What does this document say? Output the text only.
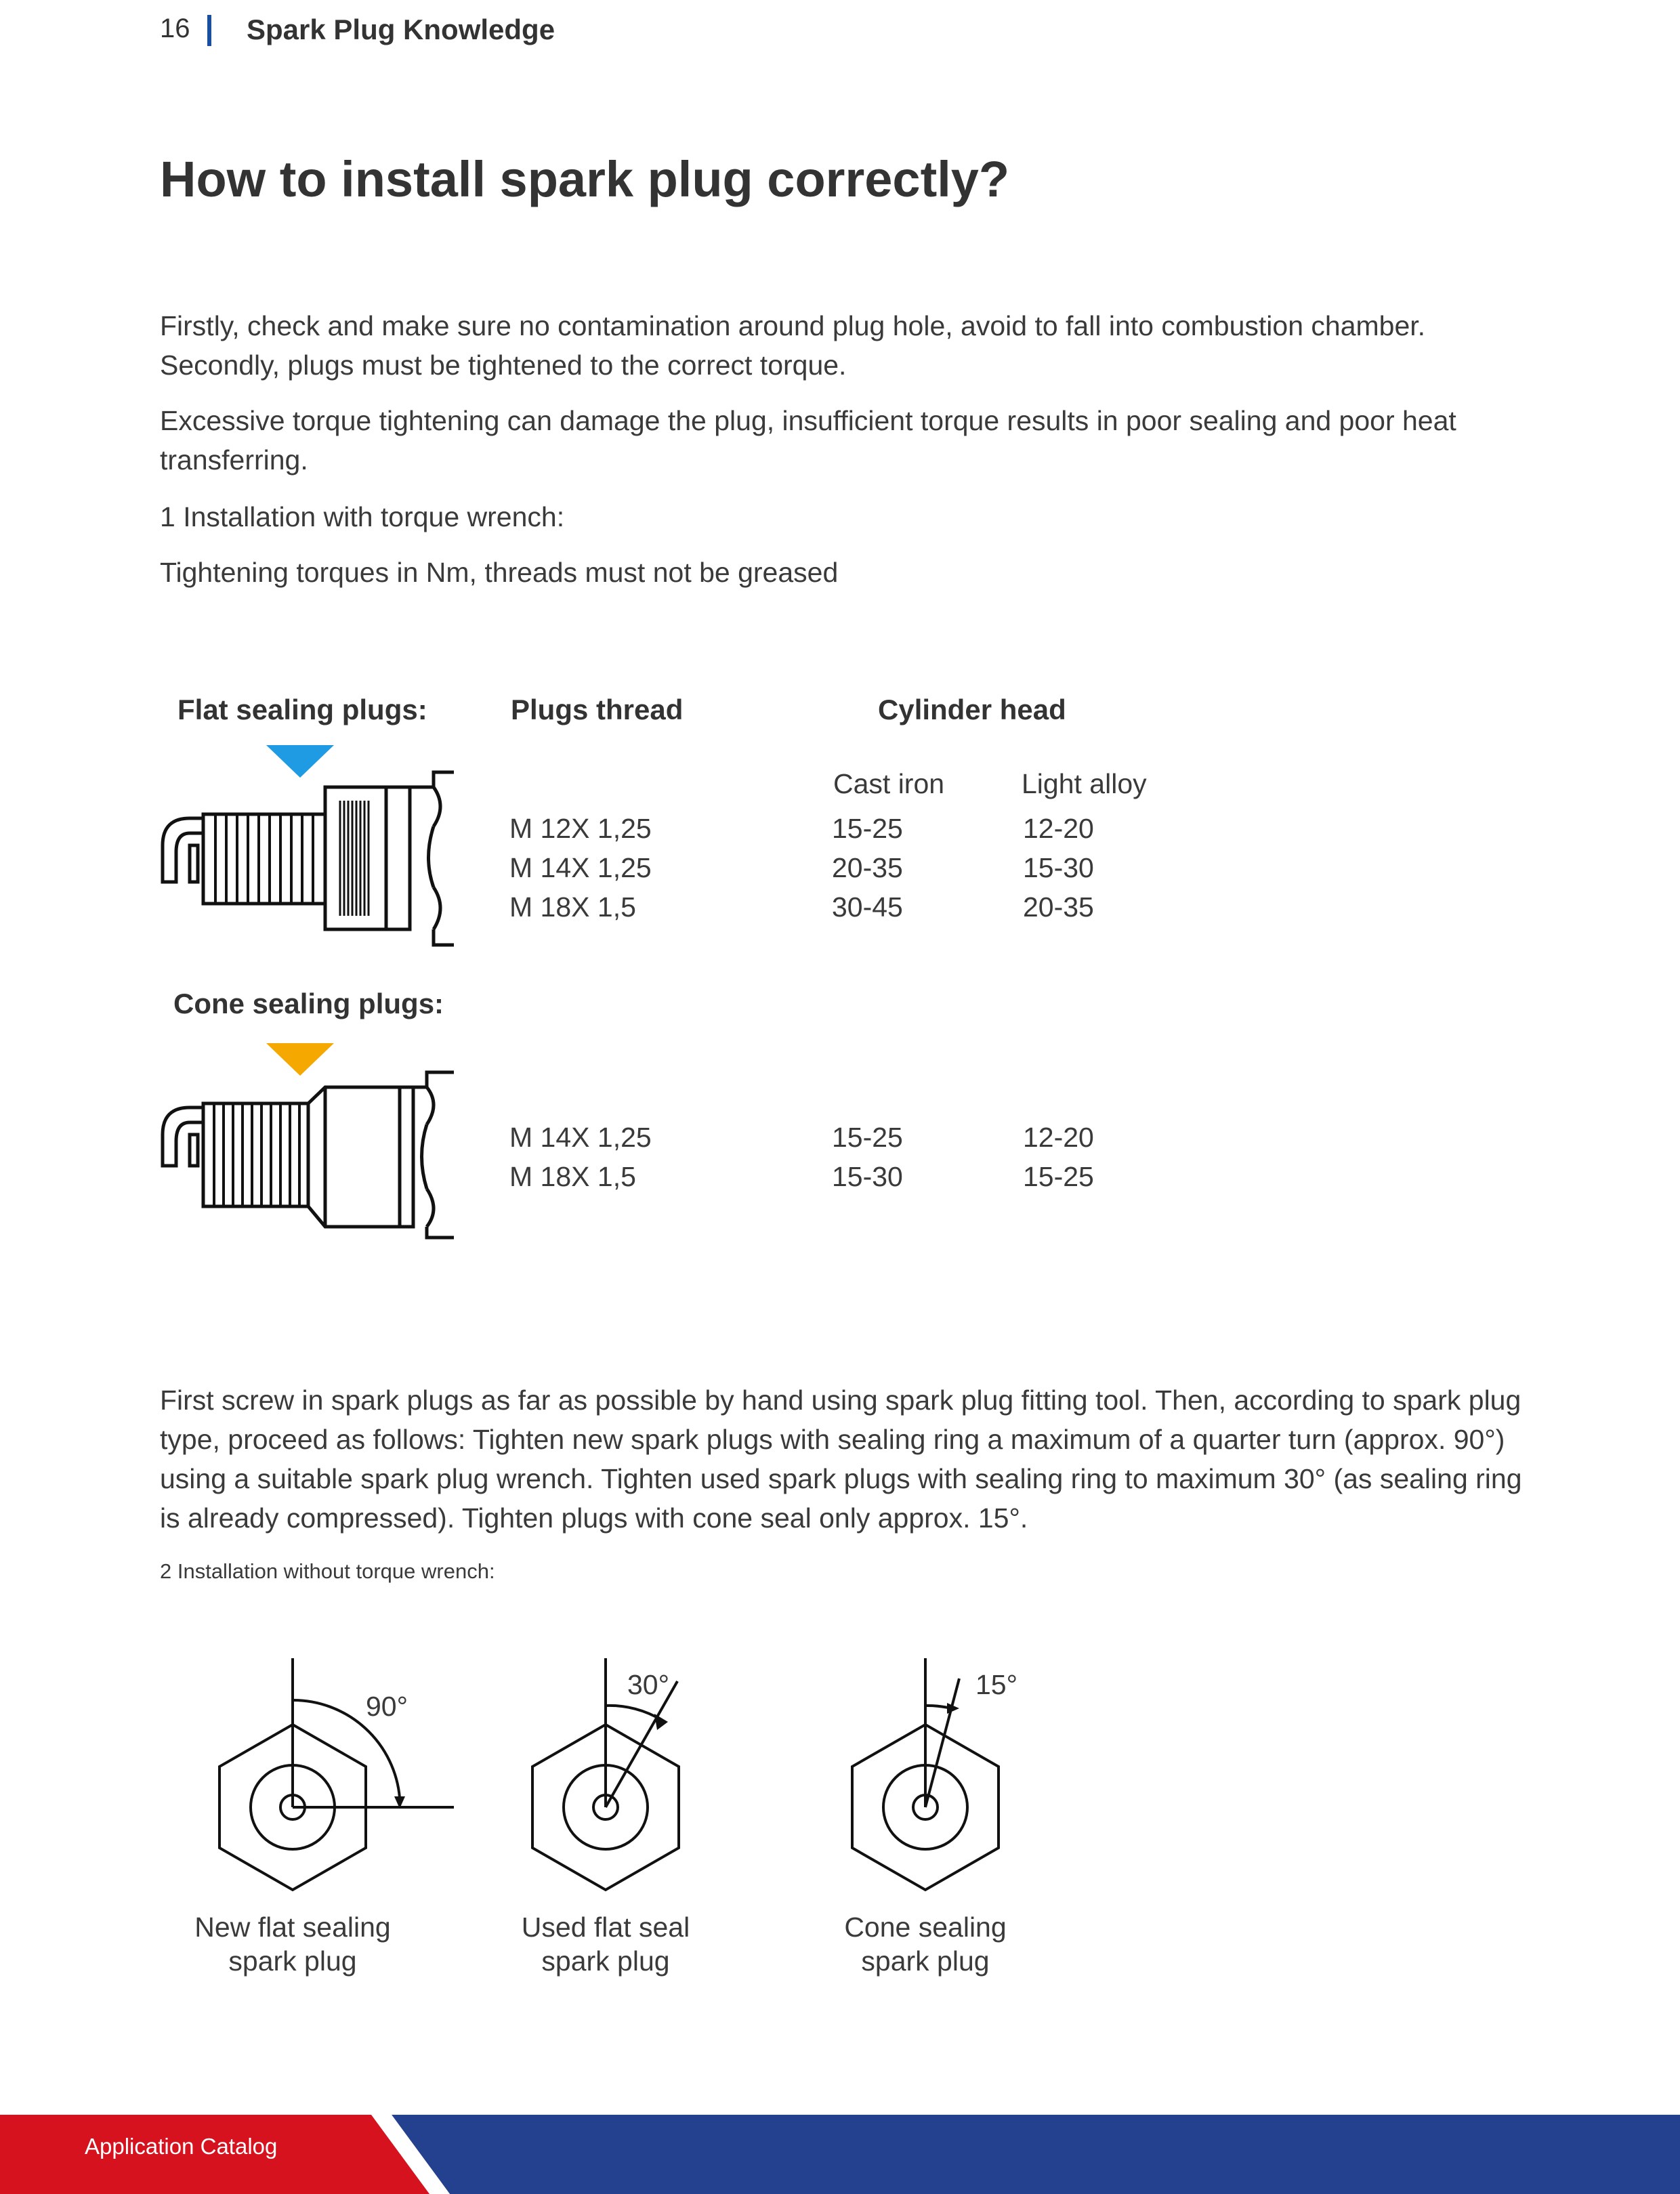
16 Spark Plug Knowledge
How to install spark plug correctly?
Firstly, check and make sure no contamination around plug hole, avoid to fall into combustion chamber. Secondly, plugs must be tightened to the correct torque.
Excessive torque tightening can damage the plug, insufficient torque results in poor sealing and poor heat transferring.
1 Installation with torque wrench:
Tightening torques in Nm, threads must not be greased
Flat sealing plugs:	Plugs thread	Cylinder head
Cast iron	Light alloy
M 12X 1,25	15-25	12-20
M 14X 1,25	20-35	15-30
M 18X 1,5	30-45	20-35
Cone sealing plugs:
M 14X 1,25	15-25	12-20
M 18X 1,5	15-30	15-25
First screw in spark plugs as far as possible by hand using spark plug fitting tool. Then, according to spark plug type, proceed as follows: Tighten new spark plugs with sealing ring a maximum of a quarter turn (approx. 90°) using a suitable spark plug wrench. Tighten used spark plugs with sealing ring to maximum 30° (as sealing ring is already compressed). Tighten plugs with cone seal only approx. 15°.
2 Installation without torque wrench:
90°
New flat sealing spark plug
30°
Used flat seal spark plug
15°
Cone sealing spark plug
Application Catalog
